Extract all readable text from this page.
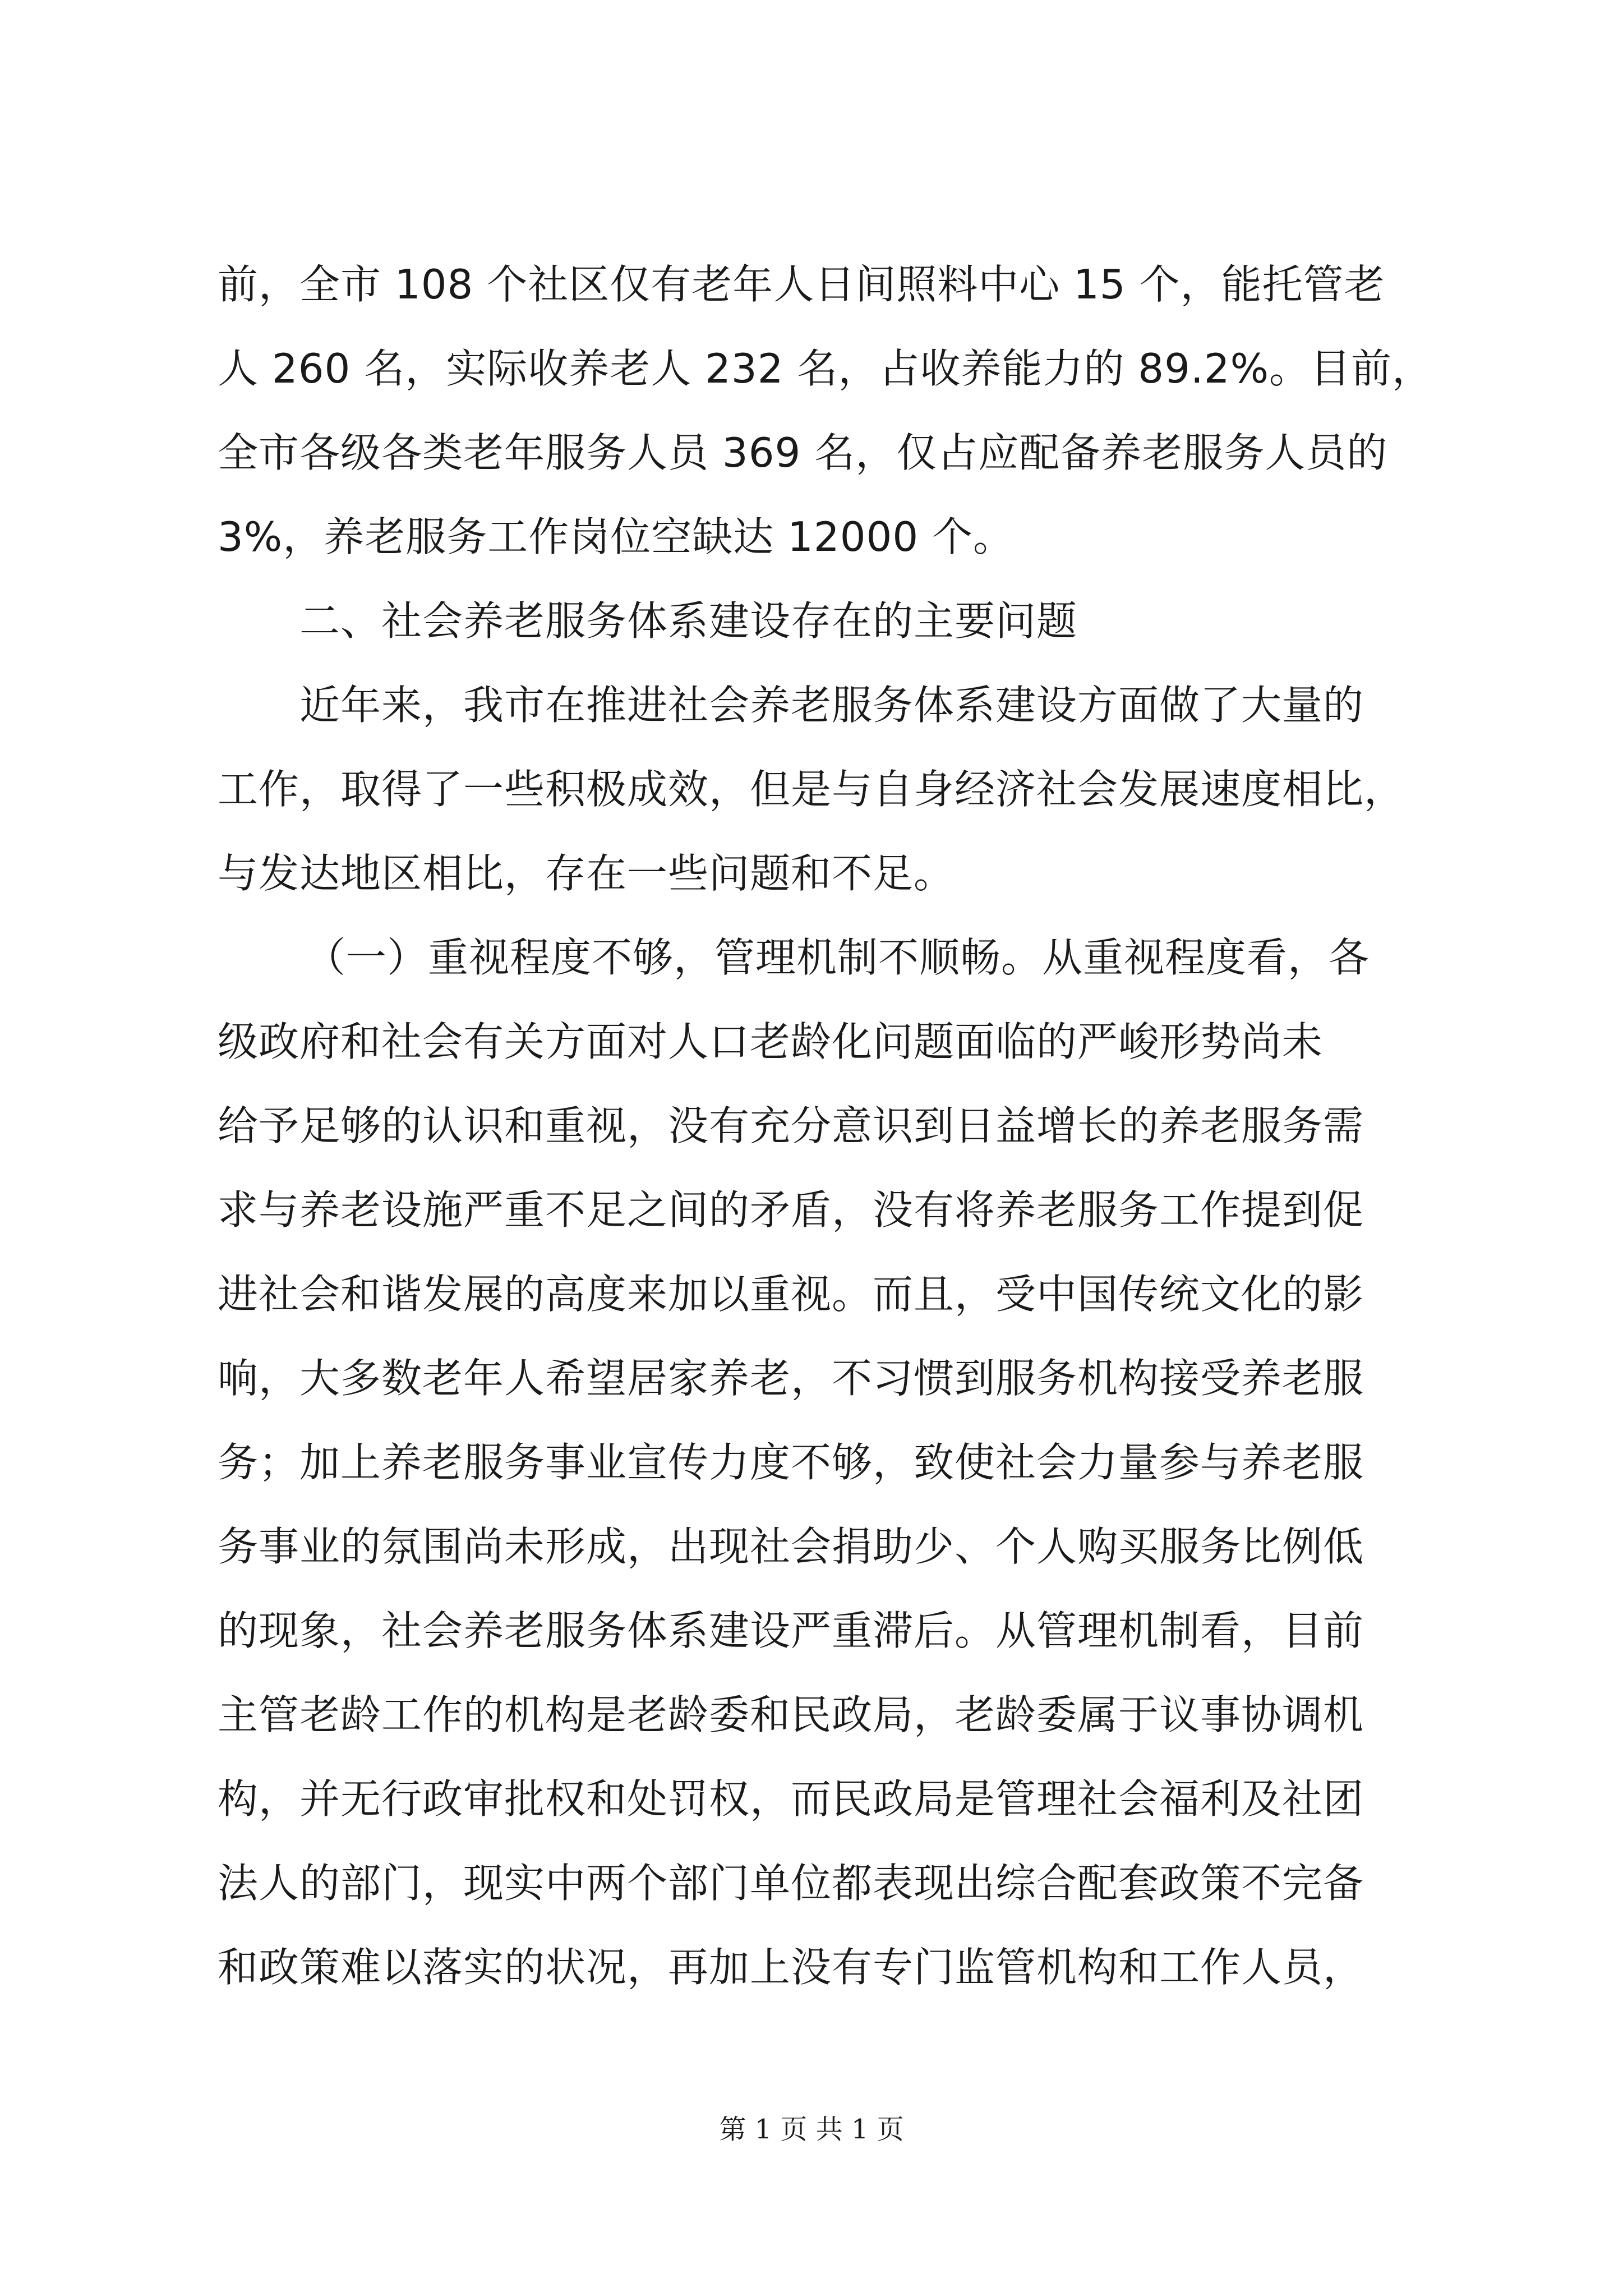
前，全市 108 个社区仅有老年人日间照料中心 15 个，能托管老
人 260 名，实际收养老人 232 名，占收养能力的 89.2%。目前，
全市各级各类老年服务人员 369 名，仅占应配备养老服务人员的
3%，养老服务工作岗位空缺达 12000 个。
二、社会养老服务体系建设存在的主要问题
近年来，我市在推进社会养老服务体系建设方面做了大量的
工作，取得了一些积极成效，但是与自身经济社会发展速度相比，
与发达地区相比，存在一些问题和不足。
（一）重视程度不够，管理机制不顺畅。从重视程度看，各
级政府和社会有关方面对人口老龄化问题面临的严峻形势尚未
给予足够的认识和重视，没有充分意识到日益增长的养老服务需
求与养老设施严重不足之间的矛盾，没有将养老服务工作提到促
进社会和谐发展的高度来加以重视。而且，受中国传统文化的影
响，大多数老年人希望居家养老，不习惯到服务机构接受养老服
务；加上养老服务事业宣传力度不够，致使社会力量参与养老服
务事业的氛围尚未形成，出现社会捐助少、个人购买服务比例低
的现象，社会养老服务体系建设严重滞后。从管理机制看，目前
主管老龄工作的机构是老龄委和民政局，老龄委属于议事协调机
构，并无行政审批权和处罚权，而民政局是管理社会福利及社团
法人的部门，现实中两个部门单位都表现出综合配套政策不完备
和政策难以落实的状况，再加上没有专门监管机构和工作人员，
第 1 页 共 1 页
